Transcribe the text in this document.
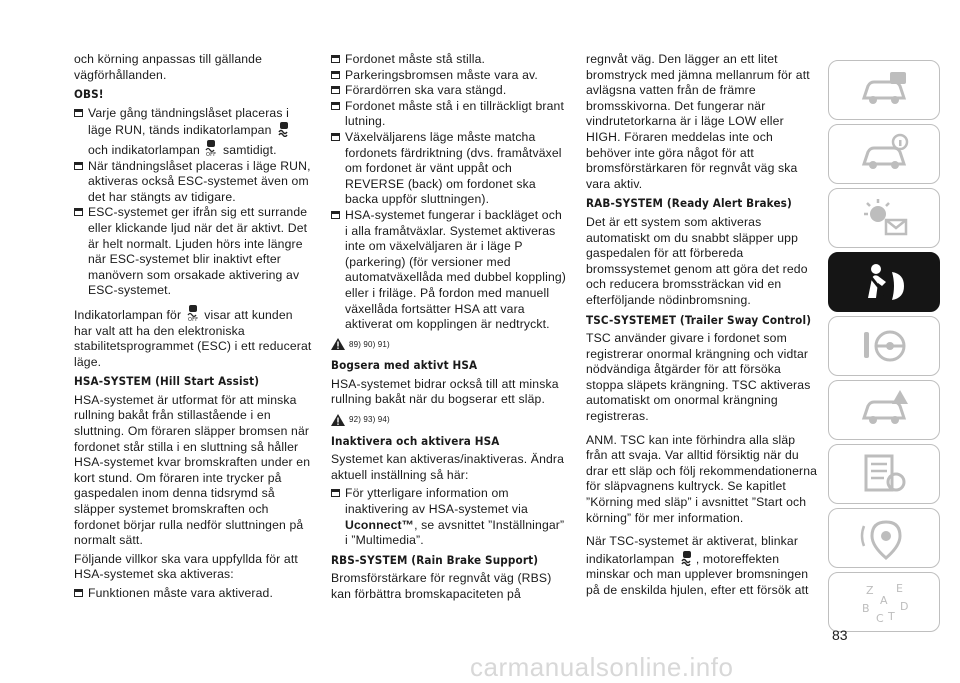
och körning anpassas till gällande vägförhållanden.

OBS!

Varje gång tändningslåset placeras i läge RUN, tänds indikatorlampan  och indikatorlampan OFF samtidigt.

När tändningslåset placeras i läge RUN, aktiveras också ESC-systemet även om det har stängts av tidigare.

ESC-systemet ger ifrån sig ett surrande eller klickande ljud när det är aktivt. Det är helt normalt. Ljuden hörs inte längre när ESC-systemet blir inaktivt efter manövern som orsakade aktivering av ESC-systemet.

Indikatorlampan för OFF visar att kunden har valt att ha den elektroniska stabilitetsprogrammet (ESC) i ett reducerat läge.

HSA-SYSTEM (Hill Start Assist)

HSA-systemet är utformat för att minska rullning bakåt från stillastående i en sluttning. Om föraren släpper bromsen när fordonet står stilla i en sluttning så håller HSA-systemet kvar bromskraften under en kort stund. Om föraren inte trycker på gaspedalen inom denna tidsrymd så släpper systemet bromskraften och fordonet börjar rulla nedför sluttningen på normalt sätt.

Följande villkor ska vara uppfyllda för att HSA-systemet ska aktiveras:

Funktionen måste vara aktiverad.

Fordonet måste stå stilla.

Parkeringsbromsen måste vara av.

Förardörren ska vara stängd.

Fordonet måste stå i en tillräckligt brant lutning.

Växelväljarens läge måste matcha fordonets färdriktning (dvs. framåtväxel om fordonet är vänt uppåt och REVERSE (back) om fordonet ska backa uppför sluttningen).

HSA-systemet fungerar i backläget och i alla framåtväxlar. Systemet aktiveras inte om växelväljaren är i läge P (parkering) (för versioner med automatväxellåda med dubbel koppling) eller i friläge. På fordon med manuell växellåda fortsätter HSA att vara aktiverat om kopplingen är nedtryckt.

89) 90) 91)

Bogsera med aktivt HSA

HSA-systemet bidrar också till att minska rullning bakåt när du bogserar ett släp.

92) 93) 94)

Inaktivera och aktivera HSA

Systemet kan aktiveras/inaktiveras. Ändra aktuell inställning så här:

För ytterligare information om inaktivering av HSA-systemet via Uconnect™, se avsnittet ”Inställningar” i ”Multimedia”.

RBS-SYSTEM (Rain Brake Support)

Bromsförstärkare för regnvåt väg (RBS) kan förbättra bromskapaciteten på

regnvåt väg. Den lägger an ett litet bromstryck med jämna mellanrum för att avlägsna vatten från de främre bromsskivorna. Det fungerar när vindrutetorkarna är i läge LOW eller HIGH. Föraren meddelas inte och behöver inte göra något för att bromsförstärkaren för regnvåt väg ska vara aktiv.

RAB-SYSTEM (Ready Alert Brakes)

Det är ett system som aktiveras automatiskt om du snabbt släpper upp gaspedalen för att förbereda bromssystemet genom att göra det redo och reducera bromssträckan vid en efterföljande nödinbromsning.

TSC-SYSTEMET (Trailer Sway Control)

TSC använder givare i fordonet som registrerar onormal krängning och vidtar nödvändiga åtgärder för att försöka stoppa släpets krängning. TSC aktiveras automatiskt om onormal krängning registreras.

ANM. TSC kan inte förhindra alla släp från att svaja. Var alltid försiktig när du drar ett släp och följ rekommendationerna för släpvagnens kultryck. Se kapitlet ”Körning med släp” i avsnittet ”Start och körning” för mer information.

När TSC-systemet är aktiverat, blinkar indikatorlampan , motoreffekten minskar och man upplever bromsningen på de enskilda hjulen, efter ett försök att	Z E
A
B
C T
D
83
carmanualsonline.info
